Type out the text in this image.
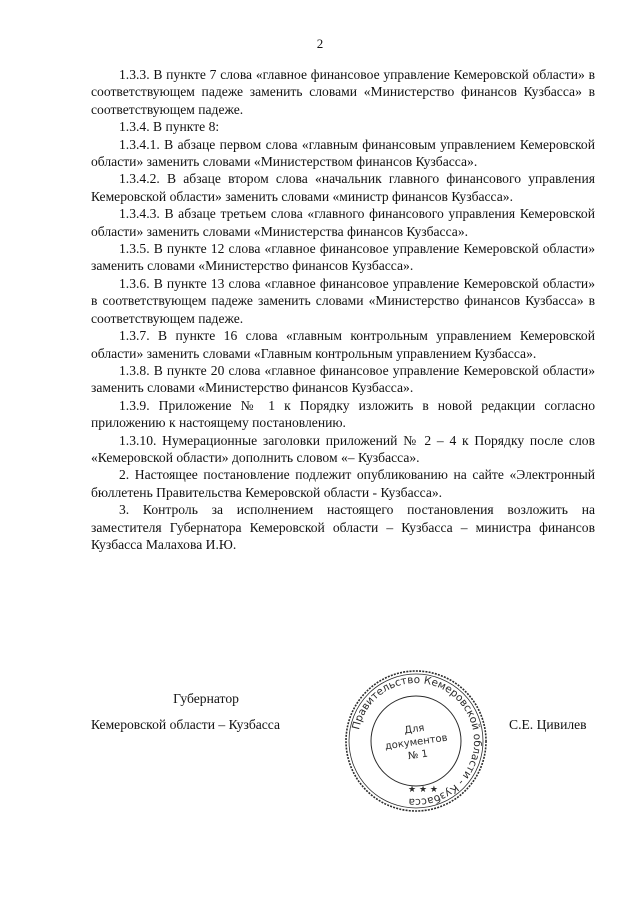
2

1.3.3. В пункте 7 слова «главное финансовое управление Кемеровской области» в соответствующем падеже заменить словами «Министерство финансов Кузбасса» в соответствующем падеже.

1.3.4. В пункте 8:

1.3.4.1. В абзаце первом слова «главным финансовым управлением Кемеровской области» заменить словами «Министерством финансов Кузбасса».

1.3.4.2. В абзаце втором слова «начальник главного финансового управления Кемеровской области» заменить словами «министр финансов Кузбасса».

1.3.4.3. В абзаце третьем слова «главного финансового управления Кемеровской области» заменить словами «Министерства финансов Кузбасса».

1.3.5. В пункте 12 слова «главное финансовое управление Кемеровской области» заменить словами «Министерство финансов Кузбасса».

1.3.6. В пункте 13 слова «главное финансовое управление Кемеровской области» в соответствующем падеже заменить словами «Министерство финансов Кузбасса» в соответствующем падеже.

1.3.7. В пункте 16 слова «главным контрольным управлением Кемеровской области» заменить словами «Главным контрольным управлением Кузбасса».

1.3.8. В пункте 20 слова «главное финансовое управление Кемеровской области» заменить словами «Министерство финансов Кузбасса».

1.3.9. Приложение № 1 к Порядку изложить в новой редакции согласно приложению к настоящему постановлению.

1.3.10. Нумерационные заголовки приложений № 2 – 4 к Порядку после слов «Кемеровской области» дополнить словом «– Кузбасса».

2. Настоящее постановление подлежит опубликованию на сайте «Электронный бюллетень Правительства Кемеровской области - Кузбасса».

3. Контроль за исполнением настоящего постановления возложить на заместителя Губернатора Кемеровской области – Кузбасса – министра финансов Кузбасса Малахова И.Ю.

Губернатор
Кемеровской области – Кузбасса	С.Е. Цивилев
Правительство Кемеровской области - Кузбасса
★ ★ ★
Для
документов
№ 1
